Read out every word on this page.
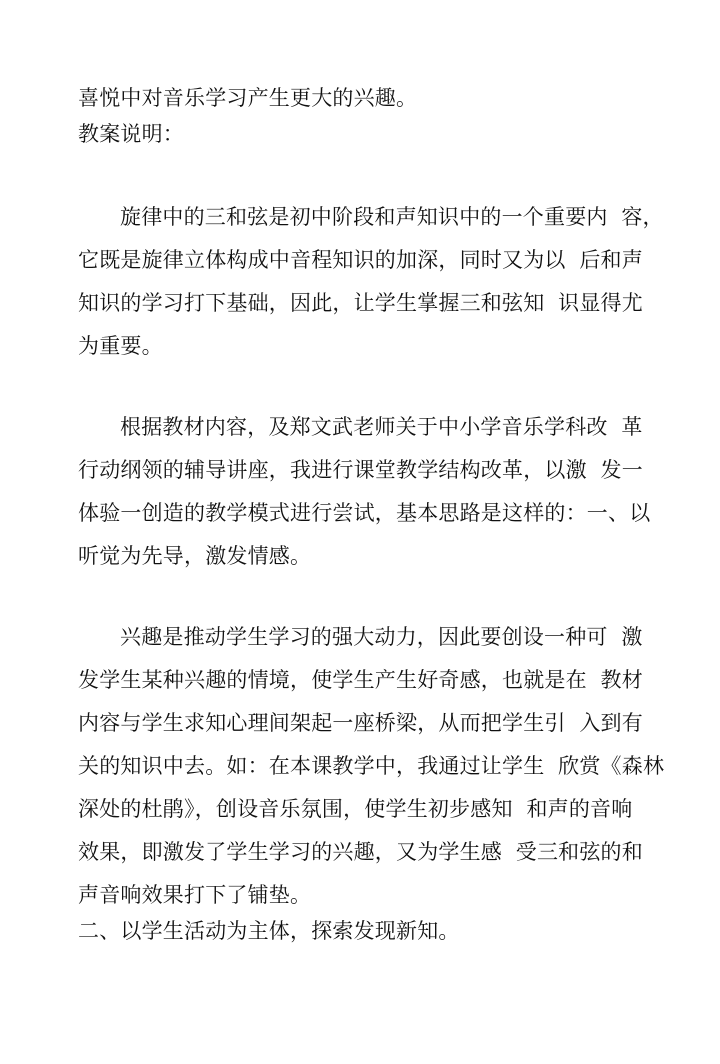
喜悦中对音乐学习产生更大的兴趣。
教案说明：
旋律中的三和弦是初中阶段和声知识中的一个重要内  容，
它既是旋律立体构成中音程知识的加深，同时又为以  后和声
知识的学习打下基础，因此，让学生掌握三和弦知  识显得尤
为重要。
根据教材内容，及郑文武老师关于中小学音乐学科改  革
行动纲领的辅导讲座，我进行课堂教学结构改革，以激  发一
体验一创造的教学模式进行尝试，基本思路是这样的：一、以
听觉为先导，激发情感。
兴趣是推动学生学习的强大动力，因此要创设一种可  激
发学生某种兴趣的情境，使学生产生好奇感，也就是在  教材
内容与学生求知心理间架起一座桥梁，从而把学生引  入到有
关的知识中去。如：在本课教学中，我通过让学生  欣赏《森林
深处的杜鹃》，创设音乐氛围，使学生初步感知  和声的音响
效果，即激发了学生学习的兴趣，又为学生感  受三和弦的和
声音响效果打下了铺垫。
二、以学生活动为主体，探索发现新知。
